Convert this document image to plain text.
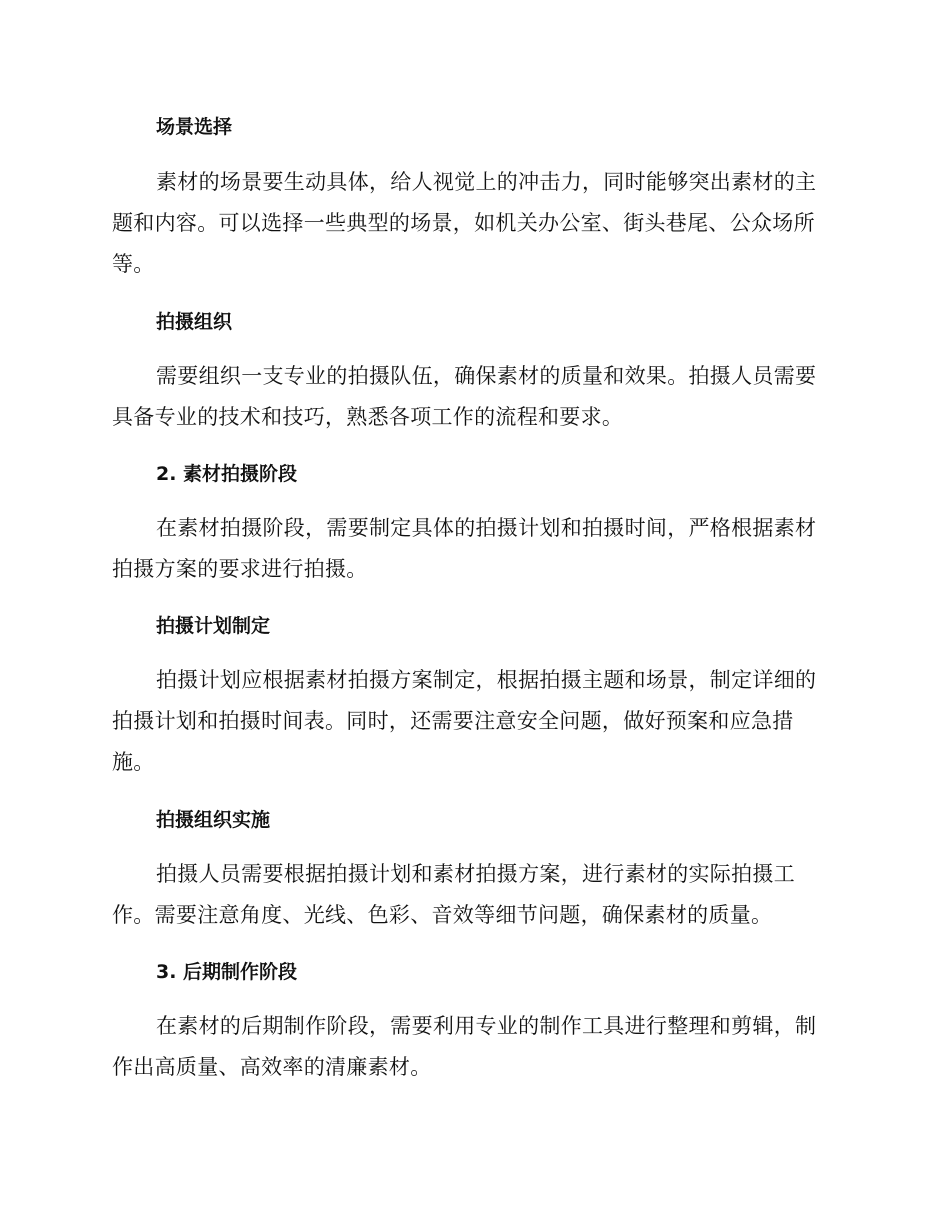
场景选择

素材的场景要生动具体，给人视觉上的冲击力，同时能够突出素材的主题和内容。可以选择一些典型的场景，如机关办公室、街头巷尾、公众场所等。

拍摄组织

需要组织一支专业的拍摄队伍，确保素材的质量和效果。拍摄人员需要具备专业的技术和技巧，熟悉各项工作的流程和要求。

2. 素材拍摄阶段

在素材拍摄阶段，需要制定具体的拍摄计划和拍摄时间，严格根据素材拍摄方案的要求进行拍摄。

拍摄计划制定

拍摄计划应根据素材拍摄方案制定，根据拍摄主题和场景，制定详细的拍摄计划和拍摄时间表。同时，还需要注意安全问题，做好预案和应急措施。

拍摄组织实施

拍摄人员需要根据拍摄计划和素材拍摄方案，进行素材的实际拍摄工作。需要注意角度、光线、色彩、音效等细节问题，确保素材的质量。

3. 后期制作阶段

在素材的后期制作阶段，需要利用专业的制作工具进行整理和剪辑，制作出高质量、高效率的清廉素材。
